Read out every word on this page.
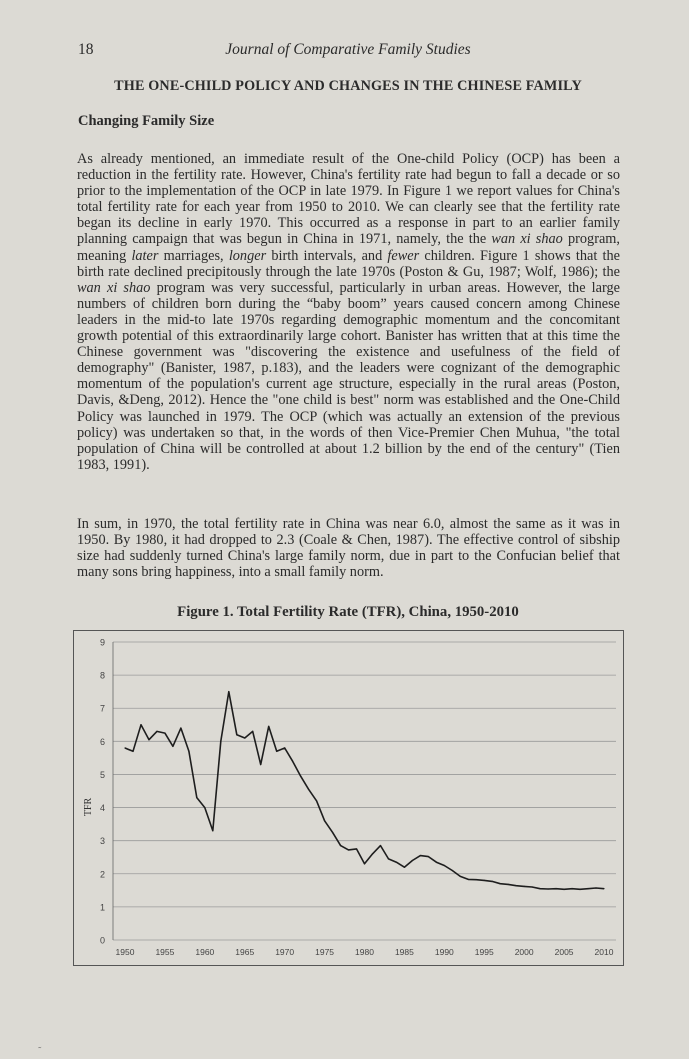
18	Journal of Comparative Family Studies
THE ONE-CHILD POLICY AND CHANGES IN THE CHINESE FAMILY
Changing Family Size

As already mentioned, an immediate result of the One-child Policy (OCP) has been a reduction in the fertility rate. However, China's fertility rate had begun to fall a decade or so prior to the implementation of the OCP in late 1979. In Figure 1 we report values for China's total fertility rate for each year from 1950 to 2010. We can clearly see that the fertility rate began its decline in early 1970. This occurred as a response in part to an earlier family planning campaign that was begun in China in 1971, namely, the the wan xi shao program, meaning later marriages, longer birth intervals, and fewer children. Figure 1 shows that the birth rate declined precipitously through the late 1970s (Poston & Gu, 1987; Wolf, 1986); the wan xi shao program was very successful, particularly in urban areas. However, the large numbers of children born during the “baby boom” years caused concern among Chinese leaders in the mid-to late 1970s regarding demographic momentum and the concomitant growth potential of this extraordinarily large cohort. Banister has written that at this time the Chinese government was "discovering the existence and usefulness of the field of demography" (Banister, 1987, p.183), and the leaders were cognizant of the demographic momentum of the population's current age structure, especially in the rural areas (Poston, Davis, &Deng, 2012). Hence the "one child is best" norm was established and the One-Child Policy was launched in 1979. The OCP (which was actually an extension of the previous policy) was undertaken so that, in the words of then Vice-Premier Chen Muhua, "the total population of China will be controlled at about 1.2 billion by the end of the century" (Tien 1983, 1991).

In sum, in 1970, the total fertility rate in China was near 6.0, almost the same as it was in 1950. By 1980, it had dropped to 2.3 (Coale & Chen, 1987). The effective control of sibship size had suddenly turned China's large family norm, due in part to the Confucian belief that many sons bring happiness, into a small family norm.

Figure 1. Total Fertility Rate (TFR), China, 1950-2010
0
1
2
3
4
5
6
7
8
9
1950 1955 1960 1965 1970 1975 1980 1985 1990 1995 2000 2005 2010
TFR
˜
